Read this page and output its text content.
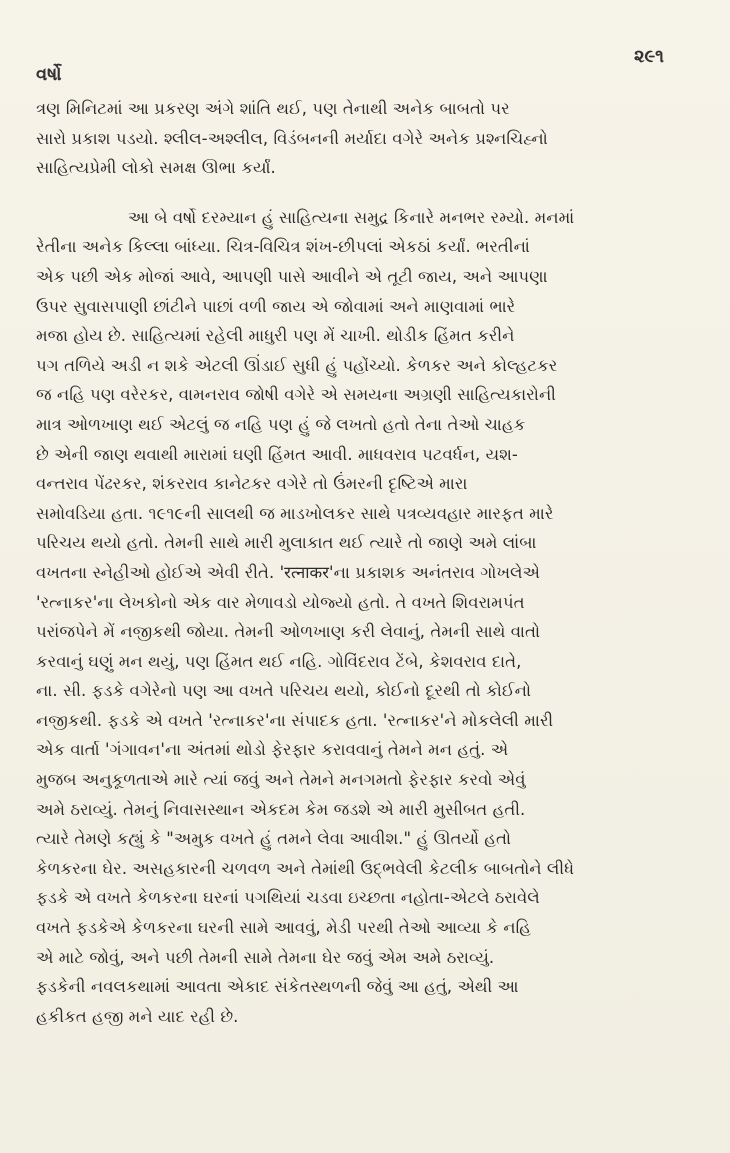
વર્ષો
૨૯૧
ત્રણ મિનિટમાં આ પ્રકરણ અંગે શાંતિ થઈ, પણ તેનાથી અનેક બાબતો પર
સારો પ્રકાશ પડયો. શ્લીલ-અશ્લીલ, વિડંબનની મર્યાદા વગેરે અનેક પ્રશ્નચિહ્નો
સાહિત્યપ્રેમી લોકો સમક્ષ ઊભા કર્યાં.
આ બે વર્ષો દરમ્યાન હું સાહિત્યના સમુદ્ર કિનારે મનભર રમ્યો. મનમાં
રેતીના અનેક કિલ્લા બાંધ્યા. ચિત્ર-વિચિત્ર શંખ-છીપલાં એકઠાં કર્યાં. ભરતીનાં
એક પછી એક મોજાં આવે, આપણી પાસે આવીને એ તૂટી જાય, અને આપણા
ઉપર સુવાસપાણી છાંટીને પાછાં વળી જાય એ જોવામાં અને માણવામાં ભારે
મજા હોય છે. સાહિત્યમાં રહેલી માધુરી પણ મેં ચાખી. થોડીક હિંમત કરીને
પગ તળિયે અડી ન શકે એટલી ઊંડાઈ સુધી હું પહોંચ્યો. કેળકર અને કોલ્હટકર
જ નહિ પણ વરેરકર, વામનરાવ જોષી વગેરે એ સમયના અગ્રણી સાહિત્યકારોની
માત્ર ઓળખાણ થઈ એટલું જ નહિ પણ હું જે લખતો હતો તેના તેઓ ચાહક
છે એની જાણ થવાથી મારામાં ઘણી હિંમત આવી. માધવરાવ પટવર્ધન, યશ-
વન્તરાવ પેંઢરકર, શંકરરાવ કાનેટકર વગેરે તો ઉંમરની દૃષ્ટિએ મારા
સમોવડિયા હતા. ૧૯૧૯ની સાલથી જ માડખોલકર સાથે પત્રવ્યવહાર મારફત મારે
પરિચય થયો હતો. તેમની સાથે મારી મુલાકાત થઈ ત્યારે તો જાણે અમે લાંબા
વખતના સ્નેહીઓ હોઈએ એવી રીતે. 'रत्नाकर'ના પ્રકાશક અનંતરાવ ગોખલેએ
'રત્નાકર'ના લેખકોનો એક વાર મેળાવડો યોજ્યો હતો. તે વખતે શિવરામપંત
પરાંજપેને મેં નજીકથી જોયા. તેમની ઓળખાણ કરી લેવાનું, તેમની સાથે વાતો
કરવાનું ઘણું મન થયું, પણ હિંમત થઈ નહિ. ગોવિંદરાવ ટેંબે, કેશવરાવ દાતે,
ના. સી. ફડકે વગેરેનો પણ આ વખતે પરિચય થયો, કોઈનો દૂરથી તો કોઈનો
નજીકથી. ફડકે એ વખતે 'રત્નાકર'ના સંપાદક હતા. 'રત્નાકર'ને મોકલેલી મારી
એક વાર્તા 'ગંગાવન'ના અંતમાં થોડો ફેરફાર કરાવવાનું તેમને મન હતું. એ
મુજબ અનુકૂળતાએ મારે ત્યાં જવું અને તેમને મનગમતો ફેરફાર કરવો એવું
અમે ઠરાવ્યું. તેમનું નિવાસસ્થાન એકદમ કેમ જડશે એ મારી મુસીબત હતી.
ત્યારે તેમણે કહ્યું કે "અમુક વખતે હું તમને લેવા આવીશ." હું ઊતર્યો હતો
કેળકરના ઘેર. અસહકારની ચળવળ અને તેમાંથી ઉદ્ભવેલી કેટલીક બાબતોને લીધે
ફડકે એ વખતે કેળકરના ઘરનાં પગથિયાં ચડવા ઇચ્છતા નહોતા-એટલે ઠરાવેલે
વખતે ફડકેએ કેળકરના ઘરની સામે આવવું, મેડી પરથી તેઓ આવ્યા કે નહિ
એ માટે જોવું, અને પછી તેમની સામે તેમના ઘેર જવું એમ અમે ઠરાવ્યું.
ફડકેની નવલકથામાં આવતા એકાદ સંકેતસ્થળની જેવું આ હતું, એથી આ
હકીકત હજી મને યાદ રહી છે.
